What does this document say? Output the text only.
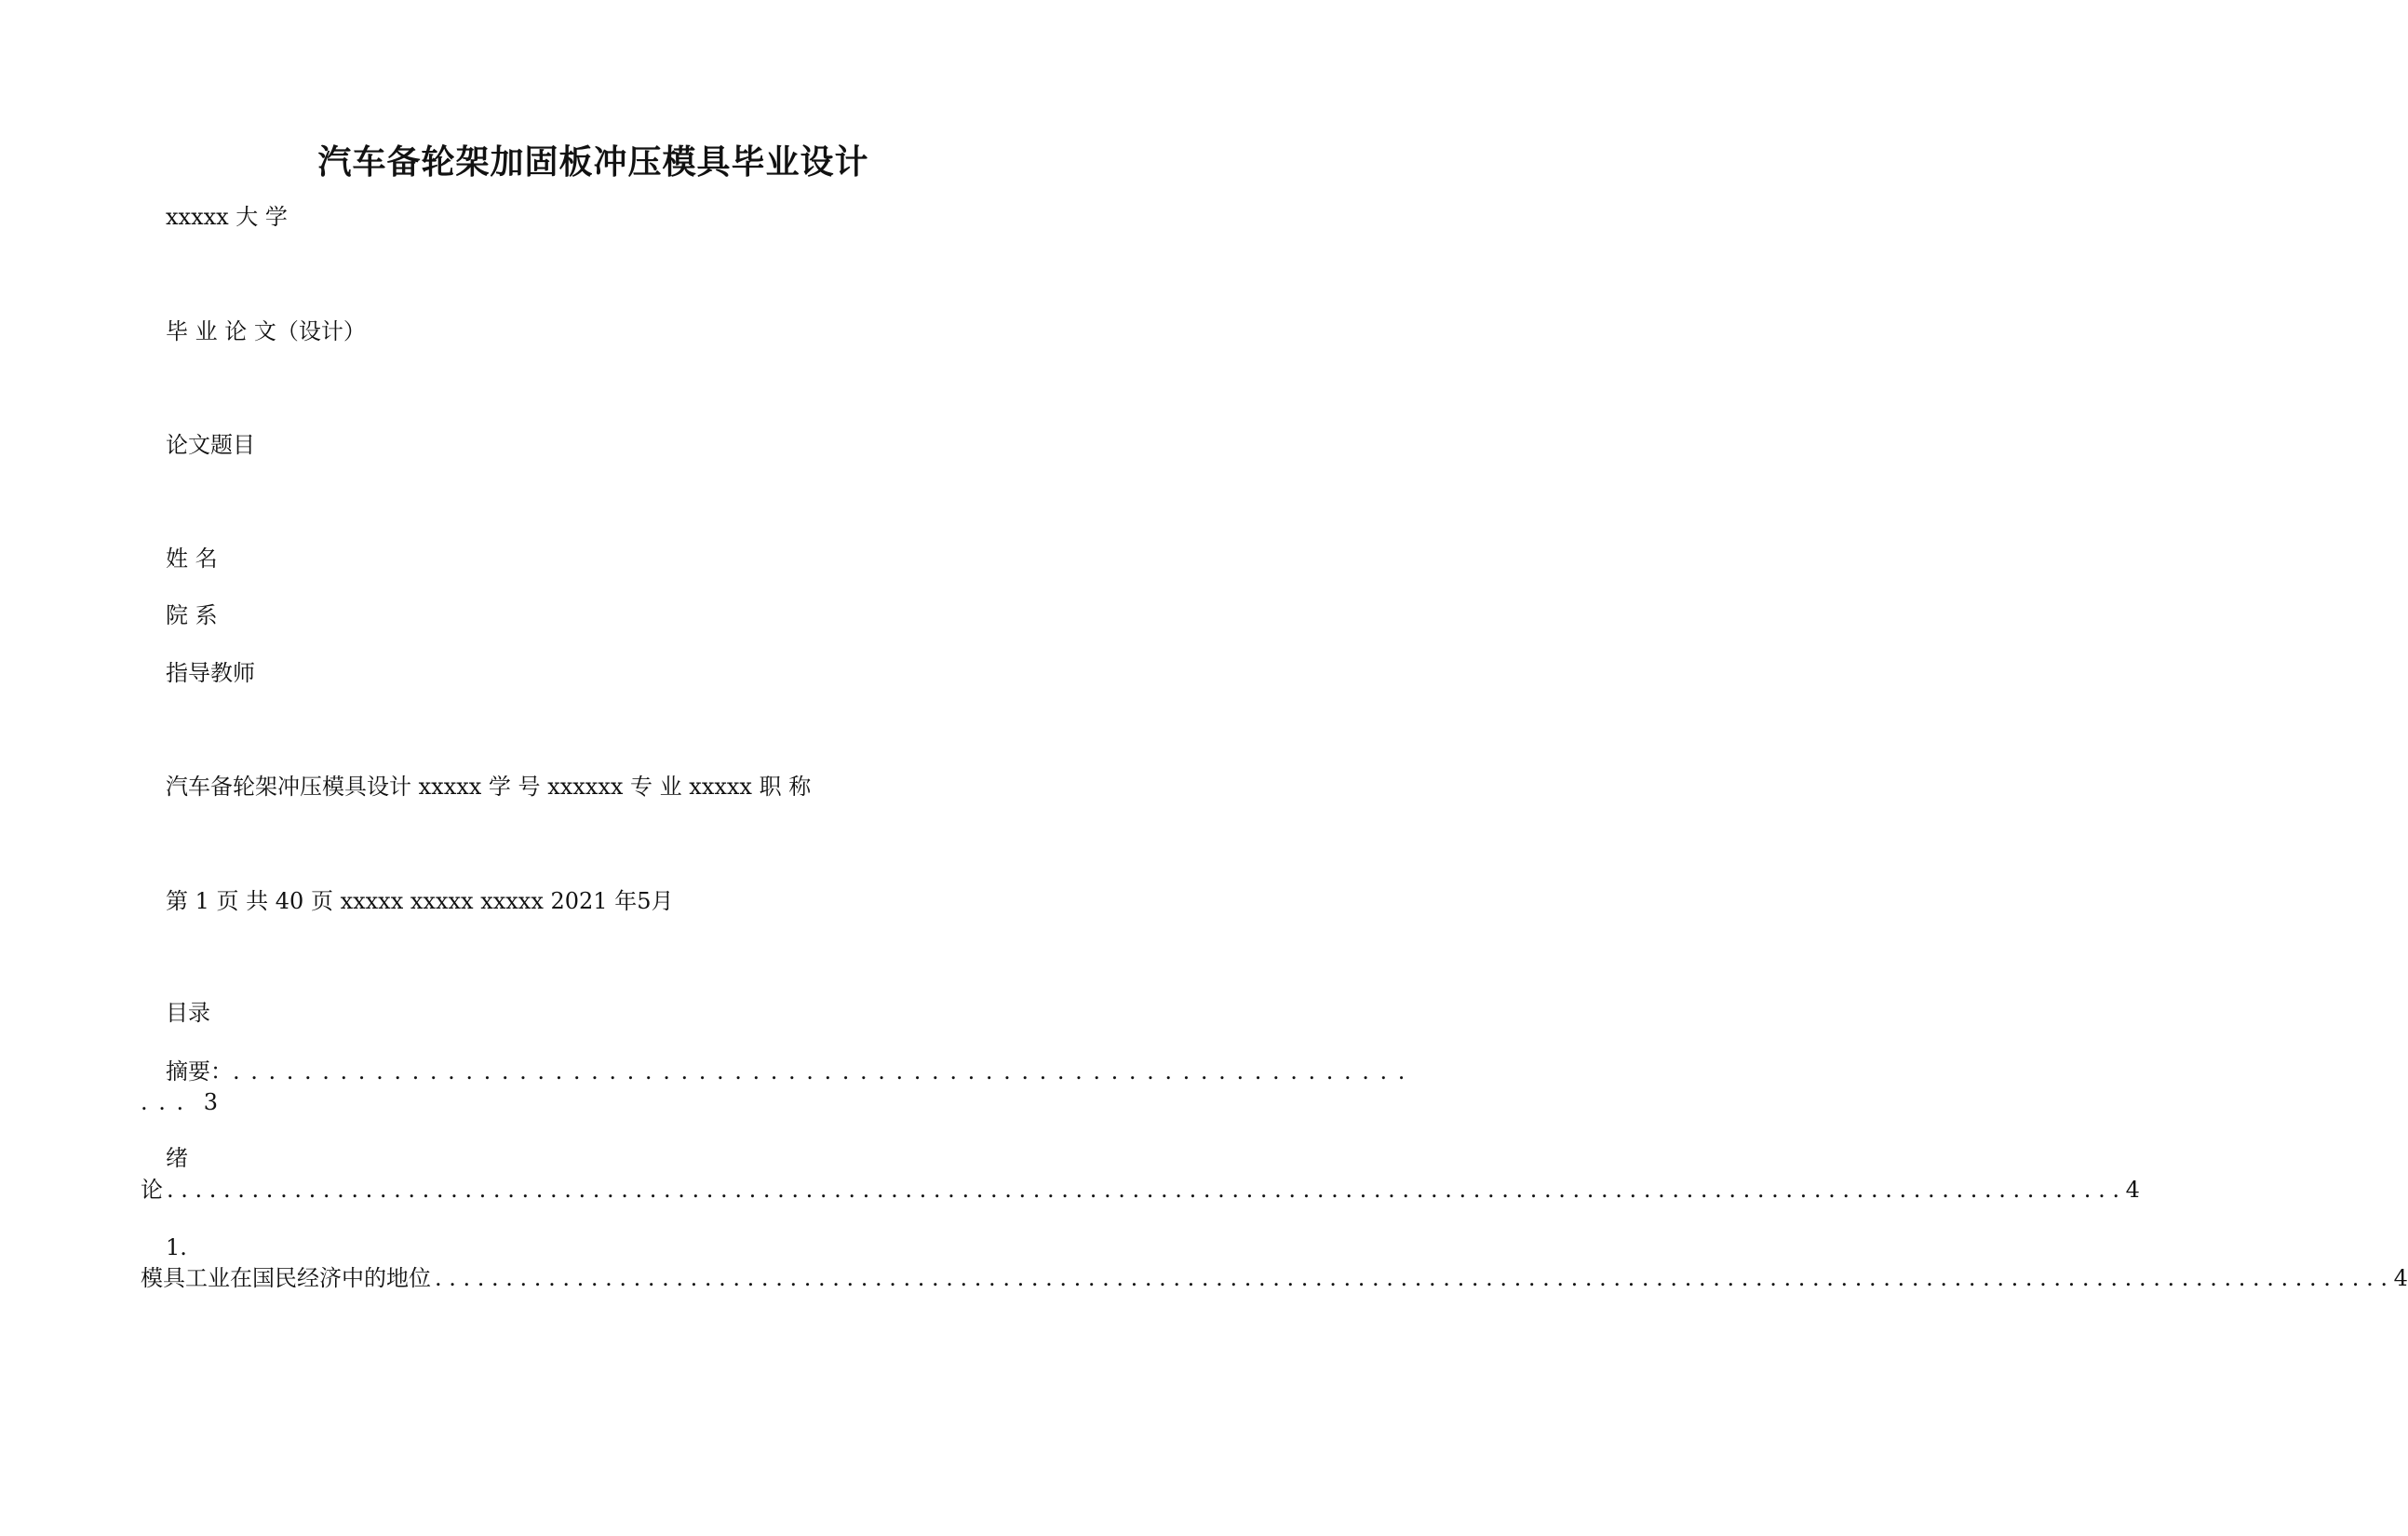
汽车备轮架加固板冲压模具毕业设计

xxxxx 大 学

毕 业 论 文（设计）

论文题目

姓 名

院 系

指导教师

汽车备轮架冲压模具设计 xxxxx 学 号 xxxxxx 专 业 xxxxx 职 称

第 1 页 共 40 页 xxxxx xxxxx xxxxx 2021 年5月

目录

摘要：. . . . . . . . . . . . . . . . . . . . . . . . . . . . . . . . . . . . . . . . . . . . . . . . . . . . . . . . . . . . . . . . . .
. . . 3

绪

论 . . .	4

1.

模具工业在国民经济中的地位 . . .	4
